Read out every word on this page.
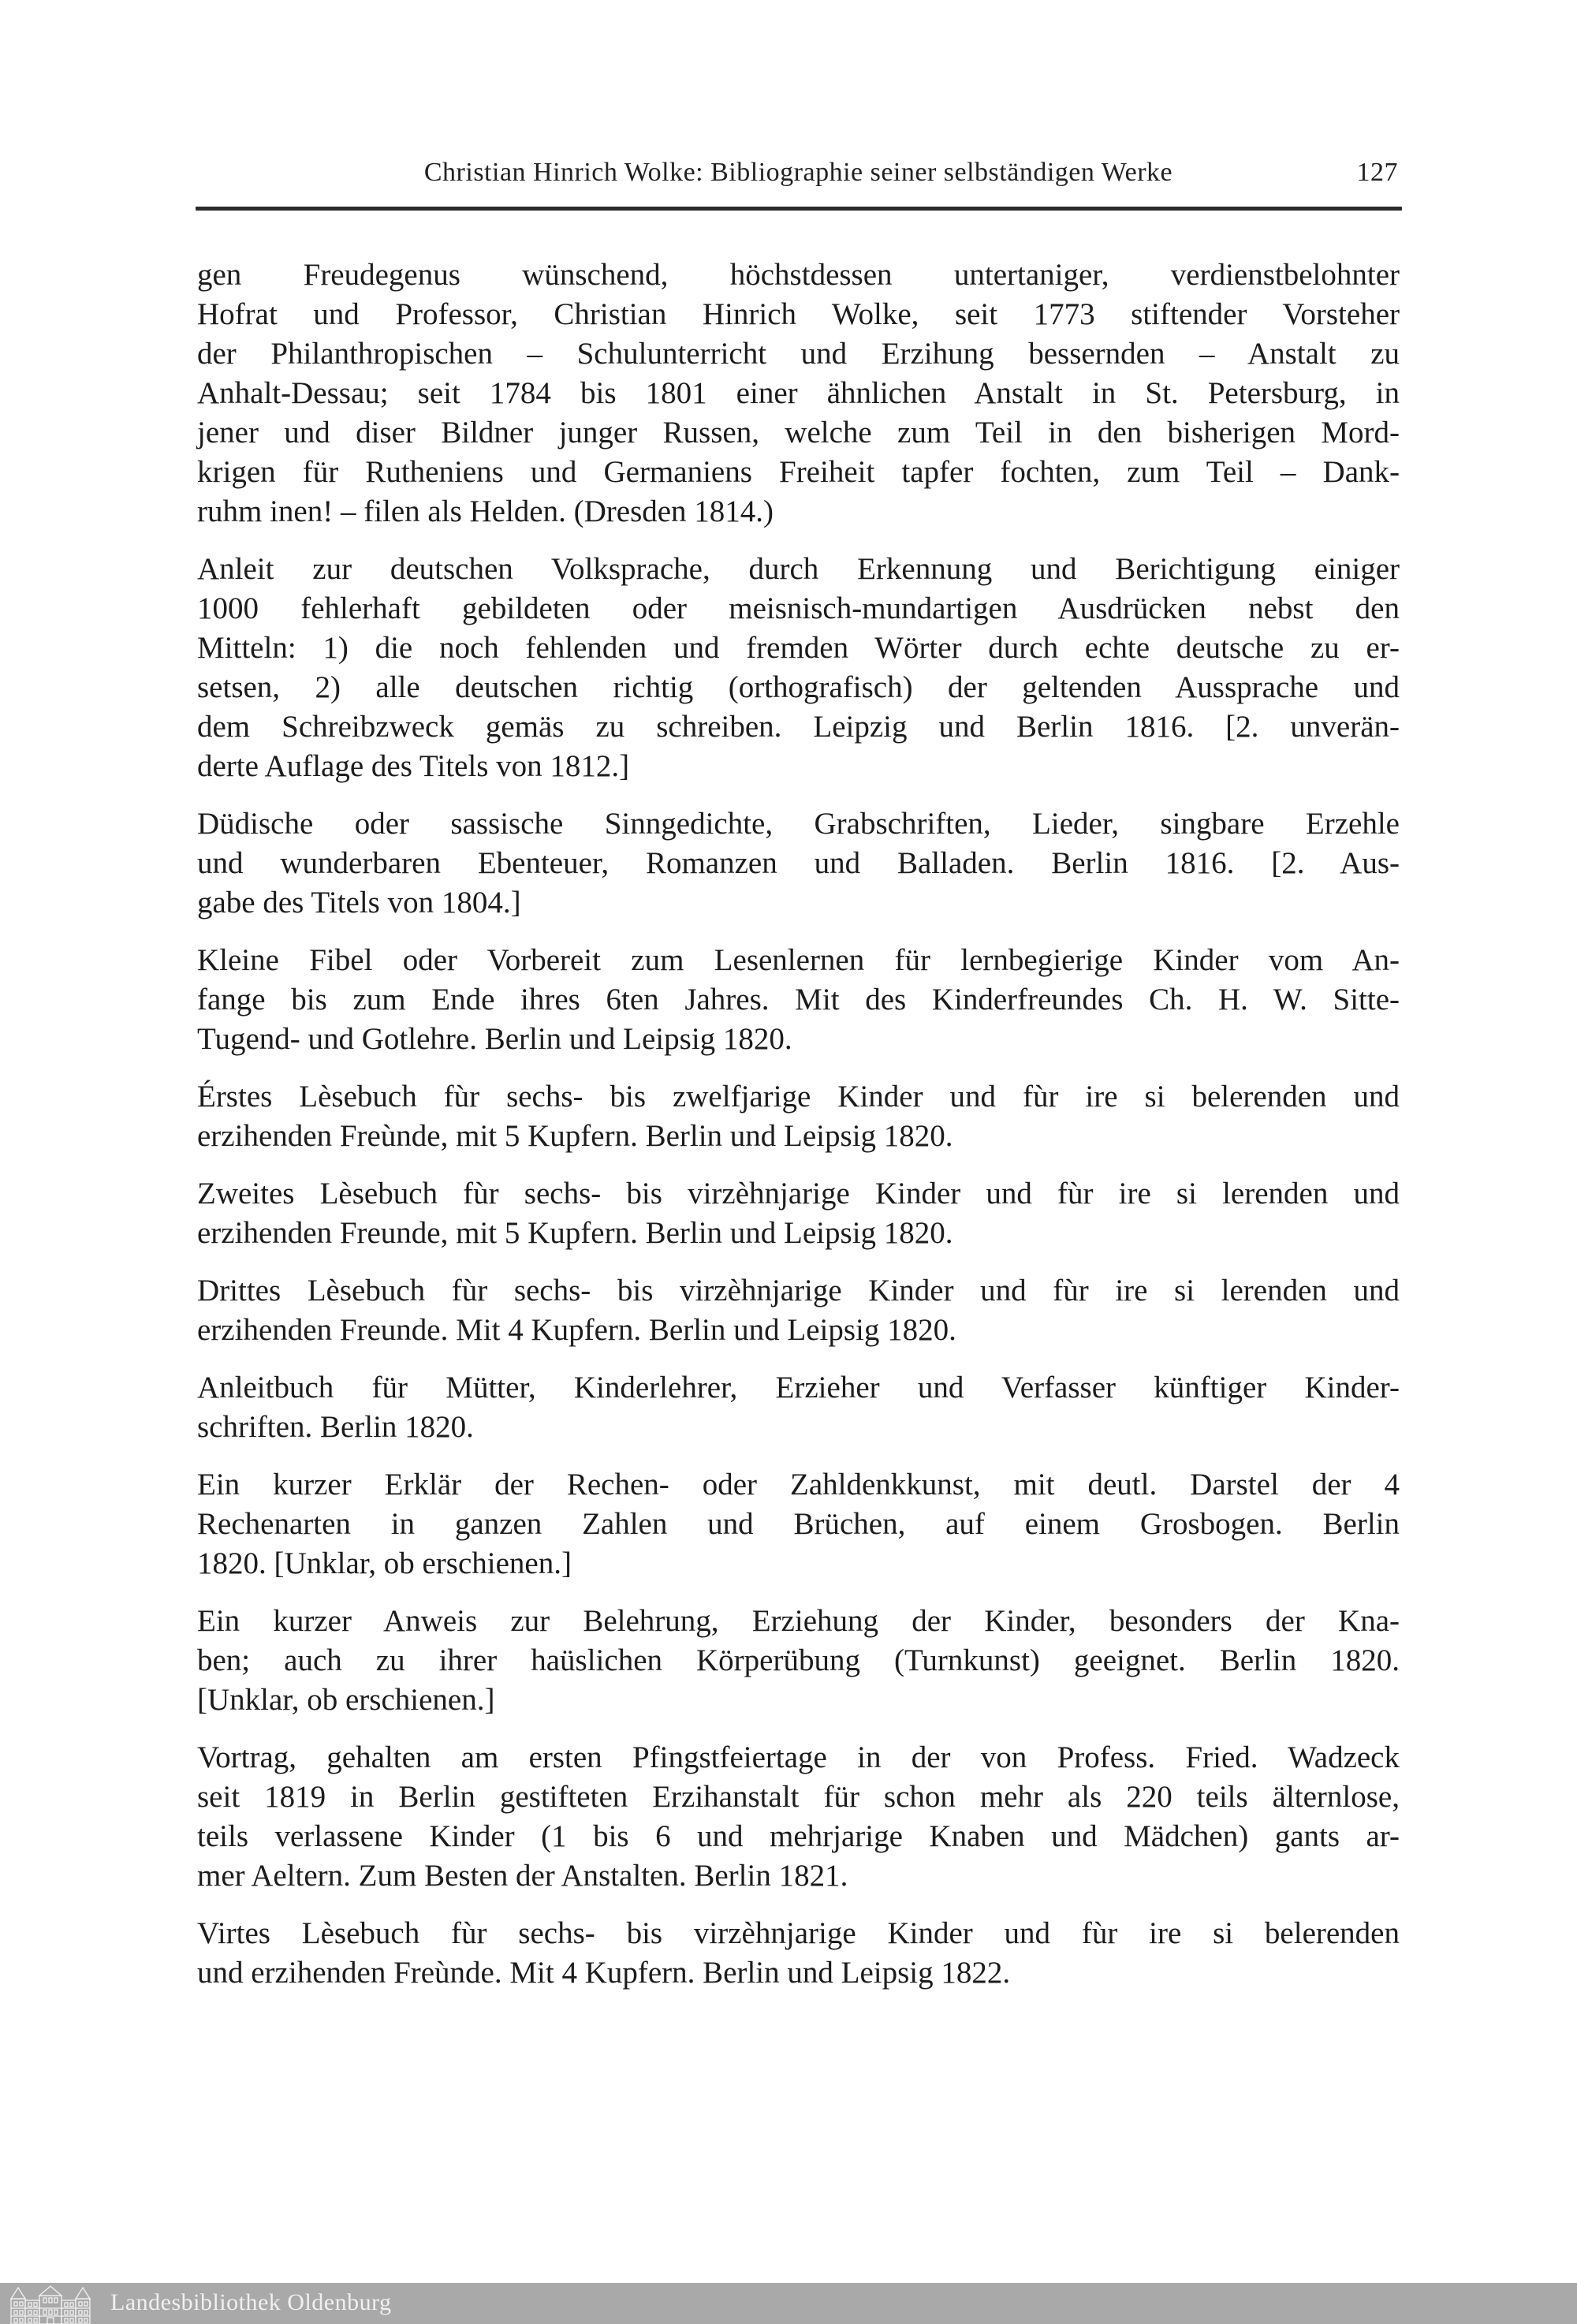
Christian Hinrich Wolke: Bibliographie seiner selbständigen Werke	127
gen Freudegenus wünschend, höchstdessen untertaniger, verdienstbelohnter
Hofrat und Professor, Christian Hinrich Wolke, seit 1773 stiftender Vorsteher
der Philanthropischen – Schulunterricht und Erzihung bessernden – Anstalt zu
Anhalt-Dessau; seit 1784 bis 1801 einer ähnlichen Anstalt in St. Petersburg, in
jener und diser Bildner junger Russen, welche zum Teil in den bisherigen Mord-
krigen für Rutheniens und Germaniens Freiheit tapfer fochten, zum Teil – Dank-
ruhm inen! – filen als Helden. (Dresden 1814.)
Anleit zur deutschen Volksprache, durch Erkennung und Berichtigung einiger
1000 fehlerhaft gebildeten oder meisnisch-mundartigen Ausdrücken nebst den
Mitteln: 1) die noch fehlenden und fremden Wörter durch echte deutsche zu er-
setsen, 2) alle deutschen richtig (orthografisch) der geltenden Aussprache und
dem Schreibzweck gemäs zu schreiben. Leipzig und Berlin 1816. [2. unverän-
derte Auflage des Titels von 1812.]
Düdische oder sassische Sinngedichte, Grabschriften, Lieder, singbare Erzehle
und wunderbaren Ebenteuer, Romanzen und Balladen. Berlin 1816. [2. Aus-
gabe des Titels von 1804.]
Kleine Fibel oder Vorbereit zum Lesenlernen für lernbegierige Kinder vom An-
fange bis zum Ende ihres 6ten Jahres. Mit des Kinderfreundes Ch. H. W. Sitte-
Tugend- und Gotlehre. Berlin und Leipsig 1820.
Érstes Lèsebuch fùr sechs- bis zwelfjarige Kinder und fùr ire si belerenden und
erzihenden Freùnde, mit 5 Kupfern. Berlin und Leipsig 1820.
Zweites Lèsebuch fùr sechs- bis virzèhnjarige Kinder und fùr ire si lerenden und
erzihenden Freunde, mit 5 Kupfern. Berlin und Leipsig 1820.
Drittes Lèsebuch fùr sechs- bis virzèhnjarige Kinder und fùr ire si lerenden und
erzihenden Freunde. Mit 4 Kupfern. Berlin und Leipsig 1820.
Anleitbuch für Mütter, Kinderlehrer, Erzieher und Verfasser künftiger Kinder-
schriften. Berlin 1820.
Ein kurzer Erklär der Rechen- oder Zahldenkkunst, mit deutl. Darstel der 4
Rechenarten in ganzen Zahlen und Brüchen, auf einem Grosbogen. Berlin
1820. [Unklar, ob erschienen.]
Ein kurzer Anweis zur Belehrung, Erziehung der Kinder, besonders der Kna-
ben; auch zu ihrer haüslichen Körperübung (Turnkunst) geeignet. Berlin 1820.
[Unklar, ob erschienen.]
Vortrag, gehalten am ersten Pfingstfeiertage in der von Profess. Fried. Wadzeck
seit 1819 in Berlin gestifteten Erzihanstalt für schon mehr als 220 teils älternlose,
teils verlassene Kinder (1 bis 6 und mehrjarige Knaben und Mädchen) gants ar-
mer Aeltern. Zum Besten der Anstalten. Berlin 1821.
Virtes Lèsebuch fùr sechs- bis virzèhnjarige Kinder und fùr ire si belerenden
und erzihenden Freùnde. Mit 4 Kupfern. Berlin und Leipsig 1822.
Landesbibliothek Oldenburg
